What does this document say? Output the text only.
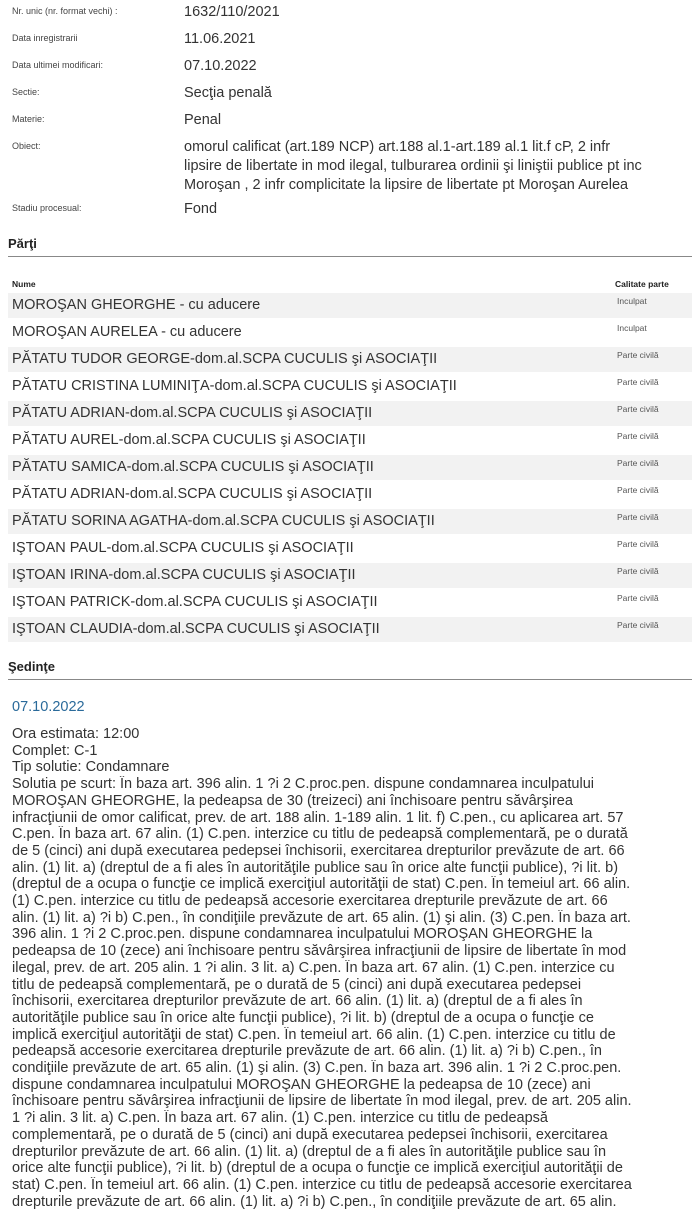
Nr. unic (nr. format vechi) :	1632/110/2021
Data inregistrarii	11.06.2021
Data ultimei modificari:	07.10.2022
Sectie:	Secţia penală
Materie:	Penal
Obiect:	omorul calificat (art.189 NCP) art.188 al.1-art.189 al.1 lit.f cP, 2 infr
lipsire de libertate in mod ilegal, tulburarea ordinii şi liniştii publice pt inc
Moroşan , 2 infr complicitate la lipsire de libertate pt Moroşan Aurelea
Stadiu procesual:	Fond
Părţi
Nume	Calitate parte
MOROŞAN GHEORGHE - cu aducere	Inculpat
MOROŞAN AURELEA - cu aducere	Inculpat
PĂTATU TUDOR GEORGE-dom.al.SCPA CUCULIS şi ASOCIAŢII	Parte civilă
PĂTATU CRISTINA LUMINIŢA-dom.al.SCPA CUCULIS şi ASOCIAŢII	Parte civilă
PĂTATU ADRIAN-dom.al.SCPA CUCULIS şi ASOCIAŢII	Parte civilă
PĂTATU AUREL-dom.al.SCPA CUCULIS şi ASOCIAŢII	Parte civilă
PĂTATU SAMICA-dom.al.SCPA CUCULIS şi ASOCIAŢII	Parte civilă
PĂTATU ADRIAN-dom.al.SCPA CUCULIS şi ASOCIAŢII	Parte civilă
PĂTATU SORINA AGATHA-dom.al.SCPA CUCULIS şi ASOCIAŢII	Parte civilă
IŞTOAN PAUL-dom.al.SCPA CUCULIS şi ASOCIAŢII	Parte civilă
IŞTOAN IRINA-dom.al.SCPA CUCULIS şi ASOCIAŢII	Parte civilă
IŞTOAN PATRICK-dom.al.SCPA CUCULIS şi ASOCIAŢII	Parte civilă
IŞTOAN CLAUDIA-dom.al.SCPA CUCULIS şi ASOCIAŢII	Parte civilă
Şedinţe
07.10.2022
Ora estimata: 12:00
Complet: C-1
Tip solutie: Condamnare
Solutia pe scurt: În baza art. 396 alin. 1 ?i 2 C.proc.pen. dispune condamnarea inculpatului
MOROŞAN GHEORGHE, la pedeapsa de 30 (treizeci) ani închisoare pentru săvârşirea
infracţiunii de omor calificat, prev. de art. 188 alin. 1-189 alin. 1 lit. f) C.pen., cu aplicarea art. 57
C.pen. În baza art. 67 alin. (1) C.pen. interzice cu titlu de pedeapsă complementară, pe o durată
de 5 (cinci) ani după executarea pedepsei închisorii, exercitarea drepturilor prevăzute de art. 66
alin. (1) lit. a) (dreptul de a fi ales în autorităţile publice sau în orice alte funcţii publice), ?i lit. b)
(dreptul de a ocupa o funcţie ce implică exerciţiul autorităţii de stat) C.pen. În temeiul art. 66 alin.
(1) C.pen. interzice cu titlu de pedeapsă accesorie exercitarea drepturile prevăzute de art. 66
alin. (1) lit. a) ?i b) C.pen., în condiţiile prevăzute de art. 65 alin. (1) şi alin. (3) C.pen. În baza art.
396 alin. 1 ?i 2 C.proc.pen. dispune condamnarea inculpatului MOROŞAN GHEORGHE la
pedeapsa de 10 (zece) ani închisoare pentru săvârşirea infracţiunii de lipsire de libertate în mod
ilegal, prev. de art. 205 alin. 1 ?i alin. 3 lit. a) C.pen. În baza art. 67 alin. (1) C.pen. interzice cu
titlu de pedeapsă complementară, pe o durată de 5 (cinci) ani după executarea pedepsei
închisorii, exercitarea drepturilor prevăzute de art. 66 alin. (1) lit. a) (dreptul de a fi ales în
autorităţile publice sau în orice alte funcţii publice), ?i lit. b) (dreptul de a ocupa o funcţie ce
implică exerciţiul autorităţii de stat) C.pen. În temeiul art. 66 alin. (1) C.pen. interzice cu titlu de
pedeapsă accesorie exercitarea drepturile prevăzute de art. 66 alin. (1) lit. a) ?i b) C.pen., în
condiţiile prevăzute de art. 65 alin. (1) şi alin. (3) C.pen. În baza art. 396 alin. 1 ?i 2 C.proc.pen.
dispune condamnarea inculpatului MOROŞAN GHEORGHE la pedeapsa de 10 (zece) ani
închisoare pentru săvârşirea infracţiunii de lipsire de libertate în mod ilegal, prev. de art. 205 alin.
1 ?i alin. 3 lit. a) C.pen. În baza art. 67 alin. (1) C.pen. interzice cu titlu de pedeapsă
complementară, pe o durată de 5 (cinci) ani după executarea pedepsei închisorii, exercitarea
drepturilor prevăzute de art. 66 alin. (1) lit. a) (dreptul de a fi ales în autorităţile publice sau în
orice alte funcţii publice), ?i lit. b) (dreptul de a ocupa o funcţie ce implică exerciţiul autorităţii de
stat) C.pen. În temeiul art. 66 alin. (1) C.pen. interzice cu titlu de pedeapsă accesorie exercitarea
drepturile prevăzute de art. 66 alin. (1) lit. a) ?i b) C.pen., în condiţiile prevăzute de art. 65 alin.
